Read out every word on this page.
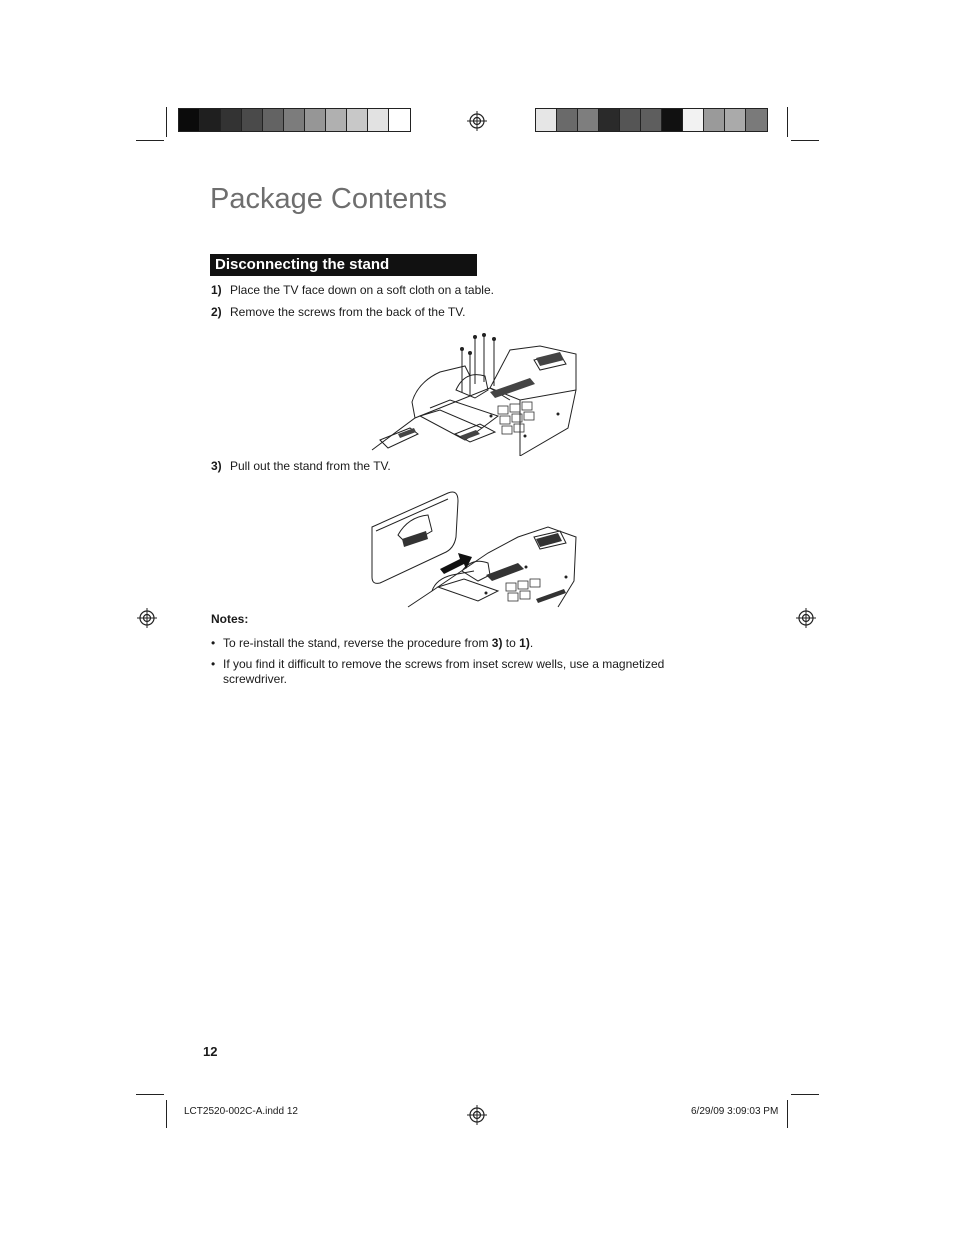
Package Contents
Disconnecting the stand
1) Place the TV face down on a soft cloth on a table.
2) Remove the screws from the back of the TV.
3) Pull out the stand from the TV.
Notes:
• To re-install the stand, reverse the procedure from 3) to 1).
• If you find it difficult to remove the screws from inset screw wells, use a magnetized screwdriver.
12
LCT2520-002C-A.indd 12	6/29/09 3:09:03 PM
